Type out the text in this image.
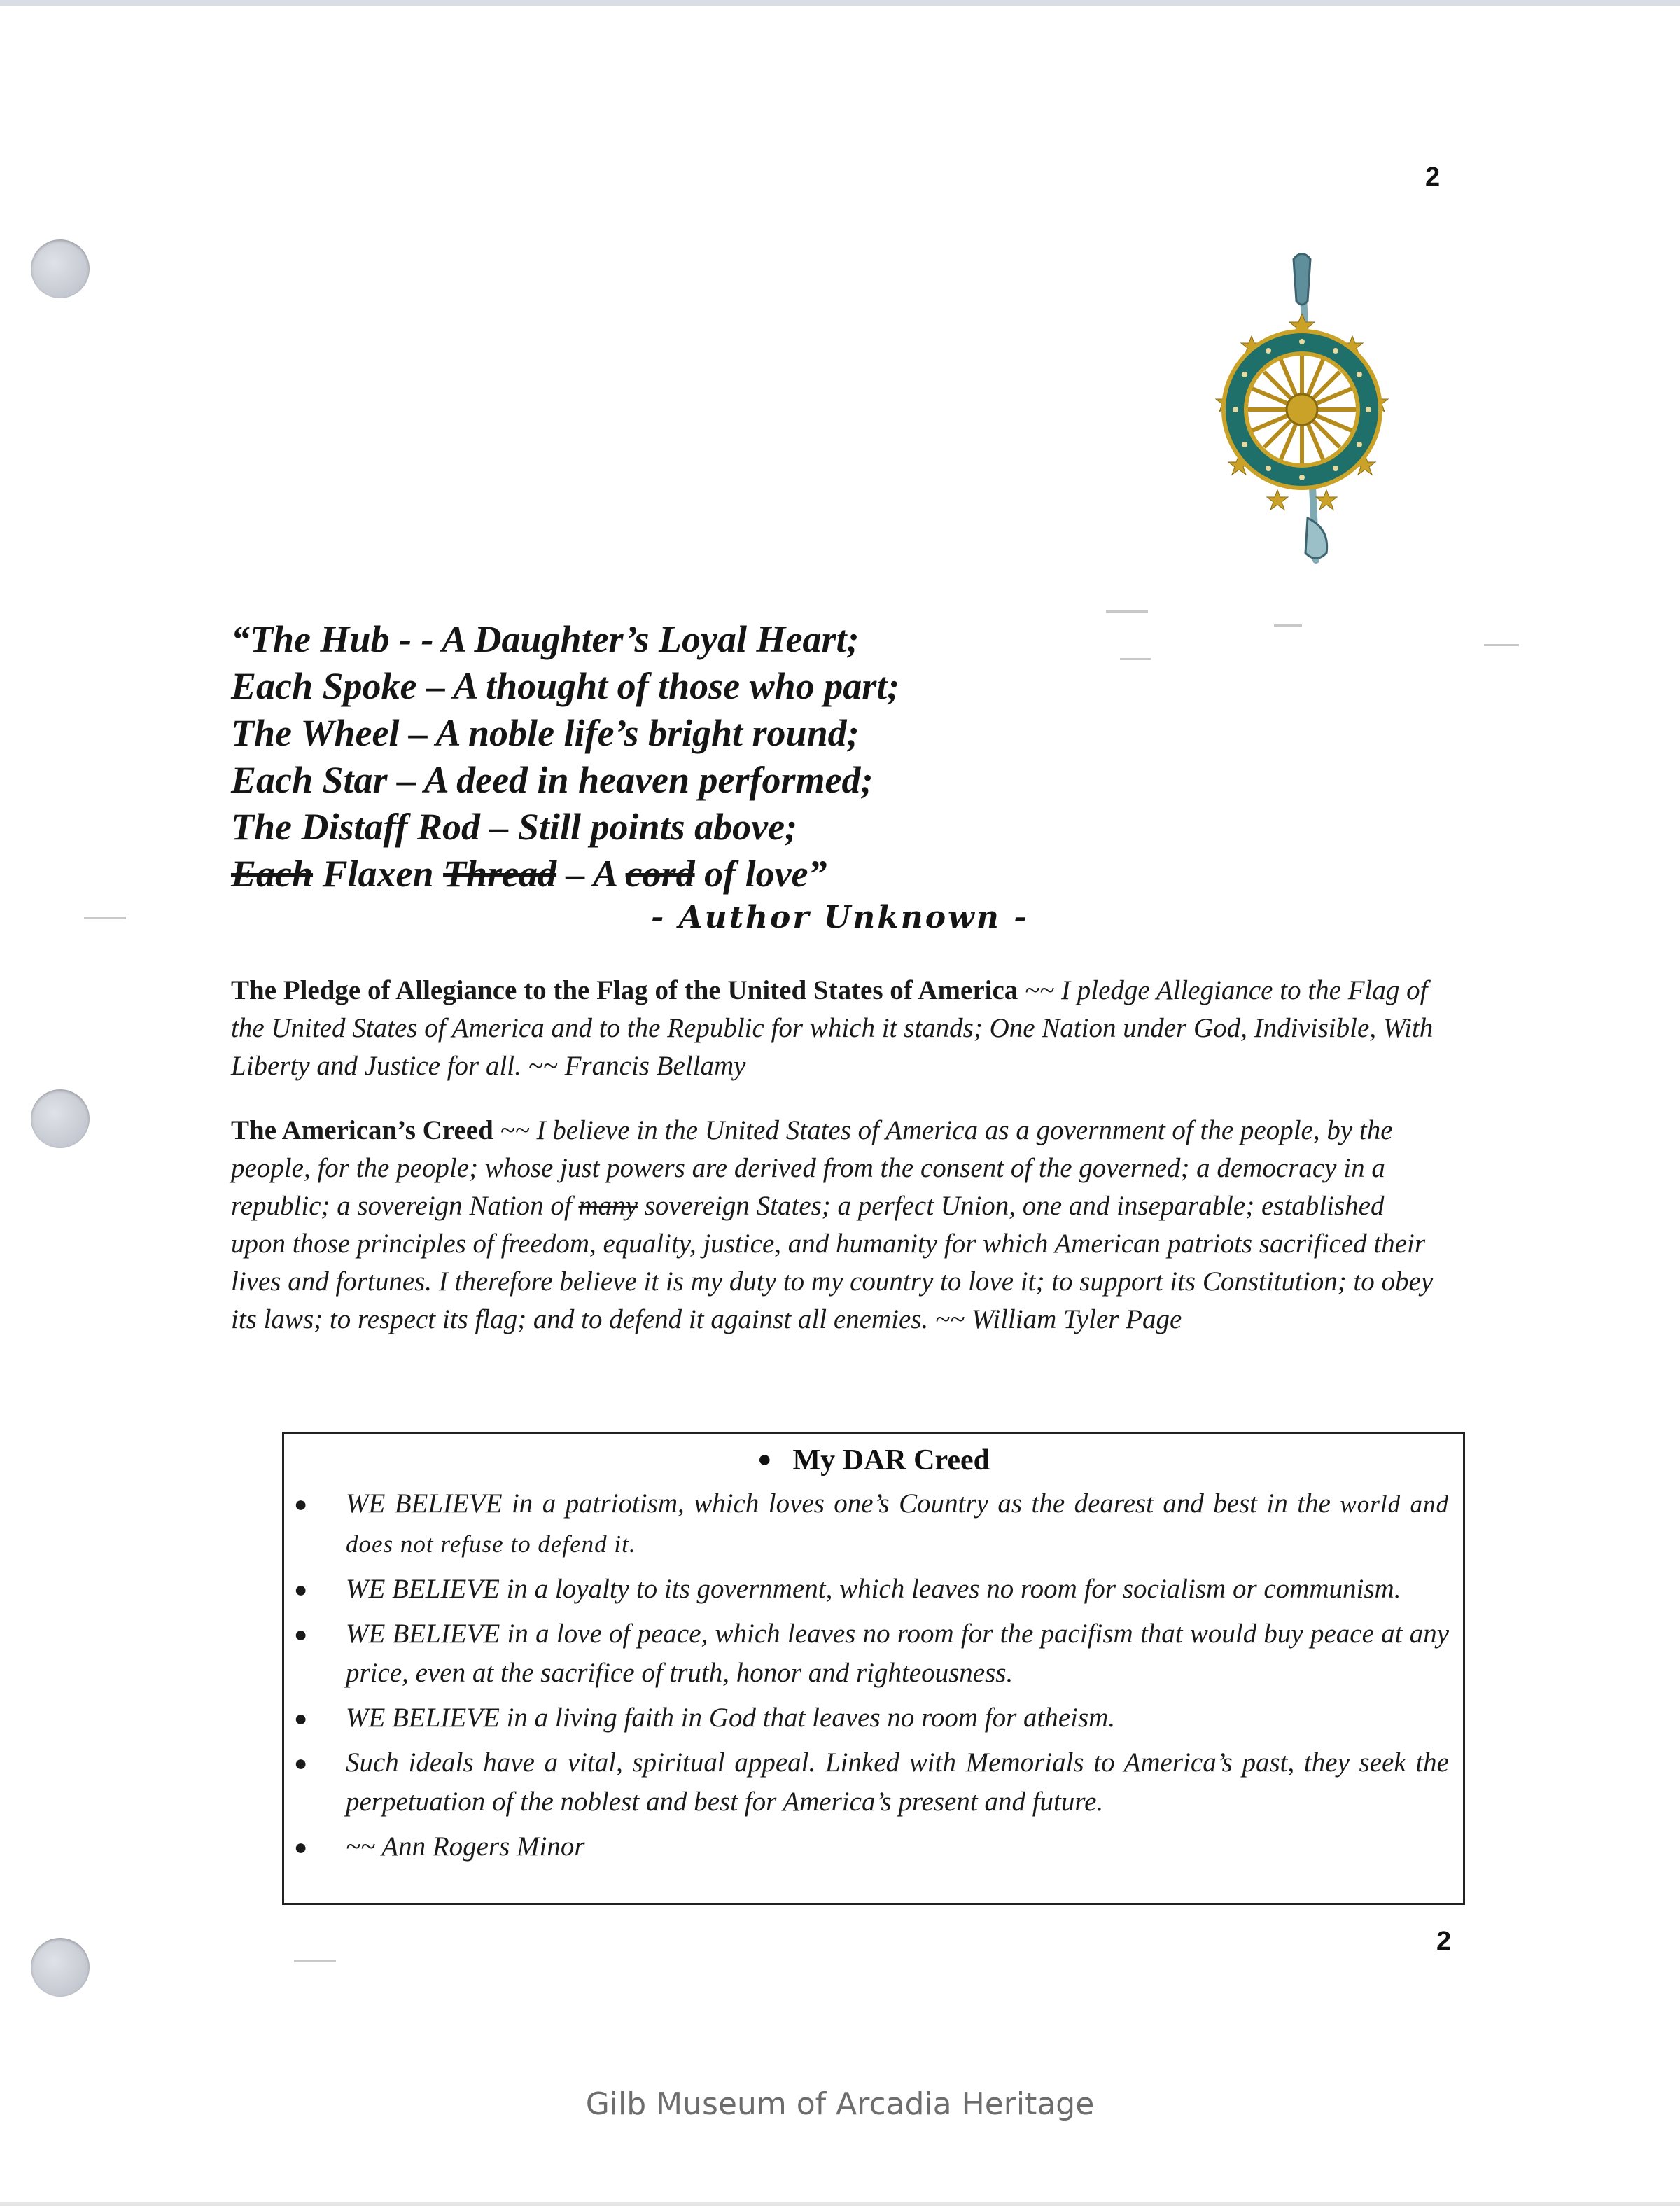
2
“The Hub - - A Daughter’s Loyal Heart;
Each Spoke – A thought of those who part;
The Wheel – A noble life’s bright round;
Each Star – A deed in heaven performed;
The Distaff Rod – Still points above;
Each Flaxen Thread – A cord of love”
- Author Unknown -
The Pledge of Allegiance to the Flag of the United States of America ~~ I pledge Allegiance to the Flag of the United States of America and to the Republic for which it stands; One Nation under God, Indivisible, With Liberty and Justice for all. ~~ Francis Bellamy
The American’s Creed ~~ I believe in the United States of America as a government of the people, by the people, for the people; whose just powers are derived from the consent of the governed; a democracy in a republic; a sovereign Nation of many sovereign States; a perfect Union, one and inseparable; established upon those principles of freedom, equality, justice, and humanity for which American patriots sacrificed their lives and fortunes. I therefore believe it is my duty to my country to love it; to support its Constitution; to obey its laws; to respect its flag; and to defend it against all enemies. ~~ William Tyler Page
● My DAR Creed
● WE BELIEVE in a patriotism, which loves one’s Country as the dearest and best in the world and does not refuse to defend it.
● WE BELIEVE in a loyalty to its government, which leaves no room for socialism or communism.
● WE BELIEVE in a love of peace, which leaves no room for the pacifism that would buy peace at any price, even at the sacrifice of truth, honor and righteousness.
● WE BELIEVE in a living faith in God that leaves no room for atheism.
● Such ideals have a vital, spiritual appeal. Linked with Memorials to America’s past, they seek the perpetuation of the noblest and best for America’s present and future.
● ~~ Ann Rogers Minor
2
Gilb Museum of Arcadia Heritage
